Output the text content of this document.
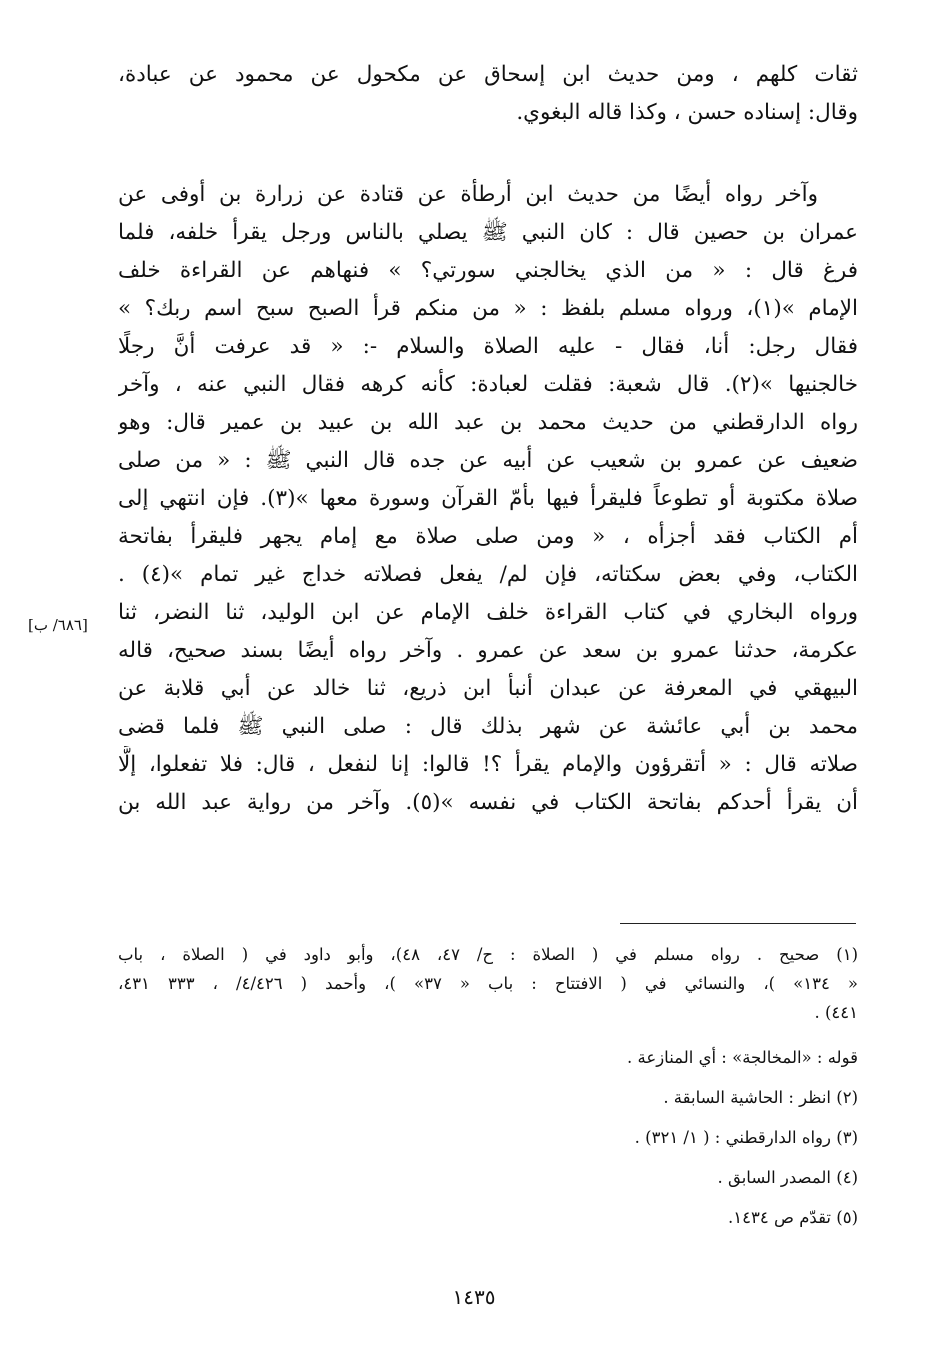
ثقات كلهم ، ومن حديث ابن إسحاق عن مكحول عن محمود عن عبادة،
وقال: إسناده حسن ، وكذا قاله البغوي.
وآخر رواه أيضًا من حديث ابن أرطأة عن قتادة عن زرارة بن أوفى عن
عمران بن حصين قال : كان النبي ﷺ يصلي بالناس ورجل يقرأ خلفه، فلما
فرغ قال : « من الذي يخالجني سورتي؟ » فنهاهم عن القراءة خلف
الإمام »(١)، ورواه مسلم بلفظ : « من منكم قرأ الصبح سبح اسم ربك؟ »
فقال رجل: أنا، فقال - عليه الصلاة والسلام -: « قد عرفت أنَّ رجلًا
خالجنيها »(٢). قال شعبة: فقلت لعبادة: كأنه كرهه فقال النبي عنه ، وآخر
رواه الدارقطني من حديث محمد بن عبد الله بن عبيد بن عمير قال: وهو
ضعيف عن عمرو بن شعيب عن أبيه عن جده قال النبي ﷺ : « من صلى
صلاة مكتوبة أو تطوعاً فليقرأ فيها بأمّ القرآن وسورة معها »(٣). فإن انتهي إلى
أم الكتاب فقد أجزأه ، « ومن صلى صلاة مع إمام يجهر فليقرأ بفاتحة
الكتاب، وفي بعض سكتاته، فإن لم/ يفعل فصلاته خداج غير تمام »(٤) .
ورواه البخاري في كتاب القراءة خلف الإمام عن ابن الوليد، ثنا النضر، ثنا
عكرمة، حدثنا عمرو بن سعد عن عمرو . وآخر رواه أيضًا بسند صحيح، قاله
البيهقي في المعرفة عن عبدان أنبأ ابن ذريع، ثنا خالد عن أبي قلابة عن
محمد بن أبي عائشة عن شهر بذلك قال : صلى النبي ﷺ فلما قضى
صلاته قال : « أتقرؤون والإمام يقرأ ؟! قالوا: إنا لنفعل ، قال: فلا تفعلوا، إلَّا
أن يقرأ أحدكم بفاتحة الكتاب في نفسه »(٥). وآخر من رواية عبد الله بن
[٦٨٦/ ب]
(١) صحيح . رواه مسلم في ( الصلاة : ح/ ٤٧، ٤٨)، وأبو داود في ( الصلاة ، باب
« ١٣٤» )، والنسائي في ( الافتتاح : باب « ٣٧» )، وأحمد ( ٤/٤٢٦/ ، ٣٣٣ ٤٣١،
٤٤١) .
قوله : «المخالجة» : أي المنازعة .
(٢) انظر : الحاشية السابقة .
(٣) رواه الدارقطني : ( ١/ ٣٢١) .
(٤) المصدر السابق .
(٥) تقدّم ص ١٤٣٤.
١٤٣٥
